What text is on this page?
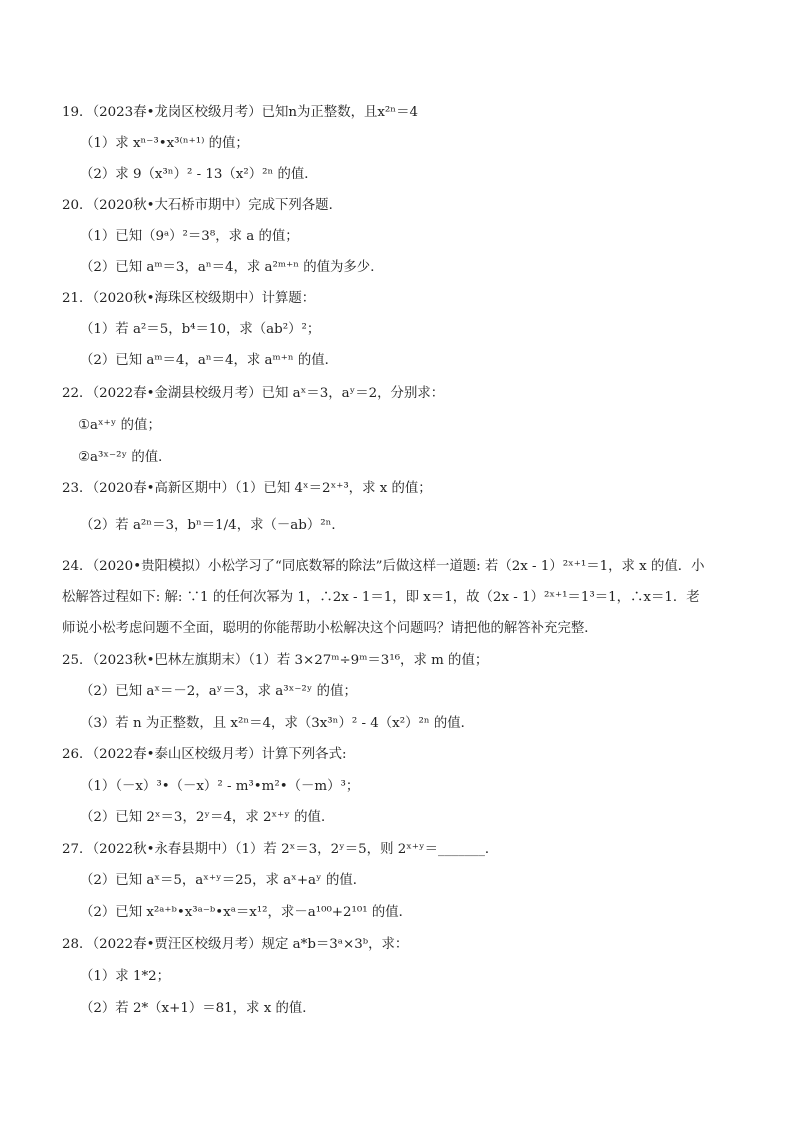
19．（2023春•龙岗区校级月考）已知n为正整数，且x²ⁿ＝4
（1）求 xⁿ⁻³•x³⁽ⁿ⁺¹⁾ 的值；
（2）求 9（x³ⁿ）² - 13（x²）²ⁿ 的值．
20．（2020秋•大石桥市期中）完成下列各题．
（1）已知（9ᵃ）²＝3⁸，求 a 的值；
（2）已知 aᵐ＝3，aⁿ＝4，求 a²ᵐ⁺ⁿ 的值为多少．
21．（2020秋•海珠区校级期中）计算题：
（1）若 a²＝5，b⁴＝10，求（ab²）²；
（2）已知 aᵐ＝4，aⁿ＝4，求 aᵐ⁺ⁿ 的值．
22．（2022春•金湖县校级月考）已知 aˣ＝3，aʸ＝2，分别求：
①aˣ⁺ʸ 的值；
②a³ˣ⁻²ʸ 的值．
23．（2020春•高新区期中）（1）已知 4ˣ＝2ˣ⁺³，求 x 的值；
（2）若 a²ⁿ＝3，bⁿ＝1/4，求（－ab）²ⁿ．
24．（2020•贵阳模拟）小松学习了“同底数幂的除法”后做这样一道题: 若（2x - 1）²ˣ⁺¹＝1，求 x 的值．小
松解答过程如下: 解: ∵1 的任何次幂为 1，∴2x - 1＝1，即 x＝1，故（2x - 1）²ˣ⁺¹＝1³＝1，∴x＝1．老
师说小松考虑问题不全面，聪明的你能帮助小松解决这个问题吗？请把他的解答补充完整．
25．（2023秋•巴林左旗期末）（1）若 3×27ᵐ÷9ᵐ＝3¹⁶，求 m 的值；
（2）已知 aˣ＝－2，aʸ＝3，求 a³ˣ⁻²ʸ 的值；
（3）若 n 为正整数，且 x²ⁿ＝4，求（3x³ⁿ）² - 4（x²）²ⁿ 的值．
26．（2022春•泰山区校级月考）计算下列各式:
（1）（－x）³•（－x）² - m³•m²•（－m）³；
（2）已知 2ˣ＝3，2ʸ＝4，求 2ˣ⁺ʸ 的值．
27．（2022秋•永春县期中）（1）若 2ˣ＝3，2ʸ＝5，则 2ˣ⁺ʸ＝_______．
（2）已知 aˣ＝5，aˣ⁺ʸ＝25，求 aˣ+aʸ 的值．
（2）已知 x²ᵃ⁺ᵇ•x³ᵃ⁻ᵇ•xᵃ＝x¹²，求－a¹⁰⁰+2¹⁰¹ 的值．
28．（2022春•贾汪区校级月考）规定 a*b＝3ᵃ×3ᵇ，求：
（1）求 1*2；
（2）若 2*（x+1）＝81，求 x 的值．
